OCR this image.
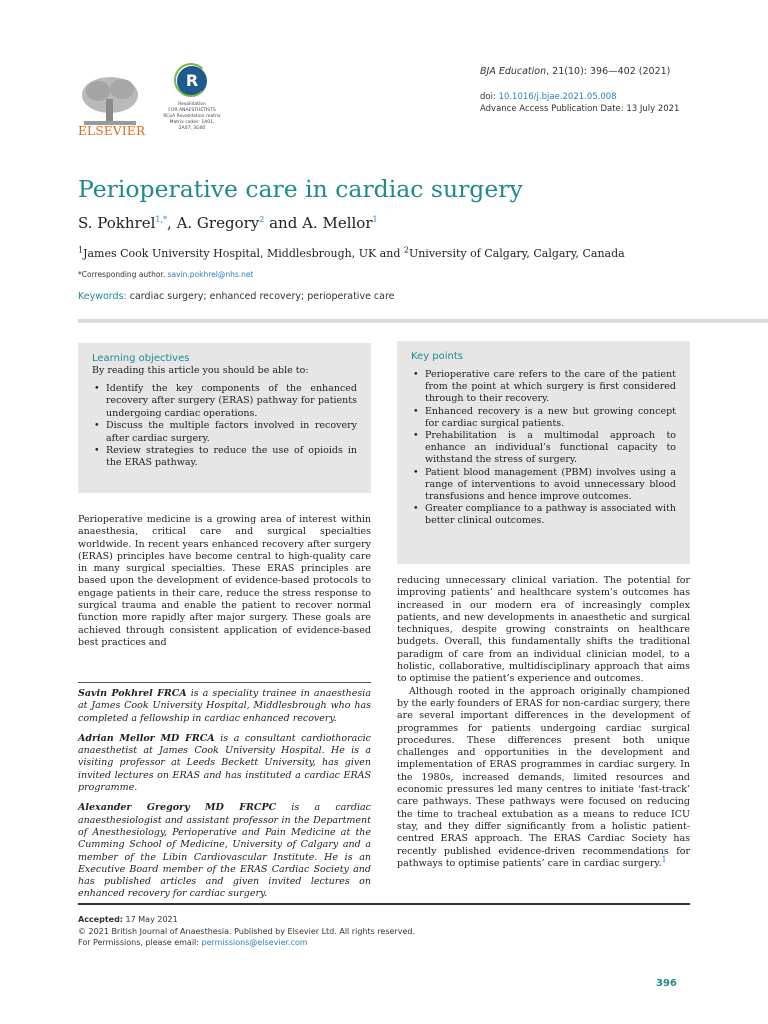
ELSEVIER
R
Revalidation
FOR ANAESTHETISTS
RCoA Revalidation matrix
Matrix codes: 1A01,
2A07, 3G00
BJA Education, 21(10): 396—402 (2021)
doi: 10.1016/j.bjae.2021.05.008
Advance Access Publication Date: 13 July 2021
Perioperative care in cardiac surgery
S. Pokhrel$^{1,*}$, A. Gregory$^2$ and A. Mellor$^1$
$^1$James Cook University Hospital, Middlesbrough, UK and $^2$University of Calgary, Calgary, Canada
*Corresponding author. savin.pokhrel@nhs.net
Keywords: cardiac surgery; enhanced recovery; perioperative care
Learning objectives
By reading this article you should be able to:
• Identify the key components of the enhanced recovery after surgery (ERAS) pathway for patients undergoing cardiac operations.
• Discuss the multiple factors involved in recovery after cardiac surgery.
• Review strategies to reduce the use of opioids in the ERAS pathway.
Key points
• Perioperative care refers to the care of the patient from the point at which surgery is first considered through to their recovery.
• Enhanced recovery is a new but growing concept for cardiac surgical patients.
• Prehabilitation is a multimodal approach to enhance an individual’s functional capacity to withstand the stress of surgery.
• Patient blood management (PBM) involves using a range of interventions to avoid unnecessary blood transfusions and hence improve outcomes.
• Greater compliance to a pathway is associated with better clinical outcomes.

Perioperative medicine is a growing area of interest within anaesthesia, critical care and surgical specialties worldwide. In recent years enhanced recovery after surgery (ERAS) principles have become central to high-quality care in many surgical specialties. These ERAS principles are based upon the development of evidence-based protocols to engage patients in their care, reduce the stress response to surgical trauma and enable the patient to recover normal function more rapidly after major surgery. These goals are achieved through consistent application of evidence-based best practices and

reducing unnecessary clinical variation. The potential for improving patients’ and healthcare system’s outcomes has increased in our modern era of increasingly complex patients, and new developments in anaesthetic and surgical techniques, despite growing constraints on healthcare budgets. Overall, this fundamentally shifts the traditional paradigm of care from an individual clinician model, to a holistic, collaborative, multidisciplinary approach that aims to optimise the patient’s experience and outcomes.

Although rooted in the approach originally championed by the early founders of ERAS for non-cardiac surgery, there are several important differences in the development of programmes for patients undergoing cardiac surgical procedures. These differences present both unique challenges and opportunities in the development and implementation of ERAS programmes in cardiac surgery. In the 1980s, increased demands, limited resources and economic pressures led many centres to initiate ‘fast-track’ care pathways. These pathways were focused on reducing the time to tracheal extubation as a means to reduce ICU stay, and they differ significantly from a holistic patient-centred ERAS approach. The ERAS Cardiac Society has recently published evidence-driven recommendations for pathways to optimise patients’ care in cardiac surgery.$^1$

Savin Pokhrel FRCA is a speciality trainee in anaesthesia at James Cook University Hospital, Middlesbrough who has completed a fellowship in cardiac enhanced recovery.

Adrian Mellor MD FRCA is a consultant cardiothoracic anaesthetist at James Cook University Hospital. He is a visiting professor at Leeds Beckett University, has given invited lectures on ERAS and has instituted a cardiac ERAS programme.

Alexander Gregory MD FRCPC is a cardiac anaesthesiologist and assistant professor in the Department of Anesthesiology, Perioperative and Pain Medicine at the Cumming School of Medicine, University of Calgary and a member of the Libin Cardiovascular Institute. He is an Executive Board member of the ERAS Cardiac Society and has published articles and given invited lectures on enhanced recovery for cardiac surgery.

Accepted: 17 May 2021
© 2021 British Journal of Anaesthesia. Published by Elsevier Ltd. All rights reserved.
For Permissions, please email: permissions@elsevier.com
396
